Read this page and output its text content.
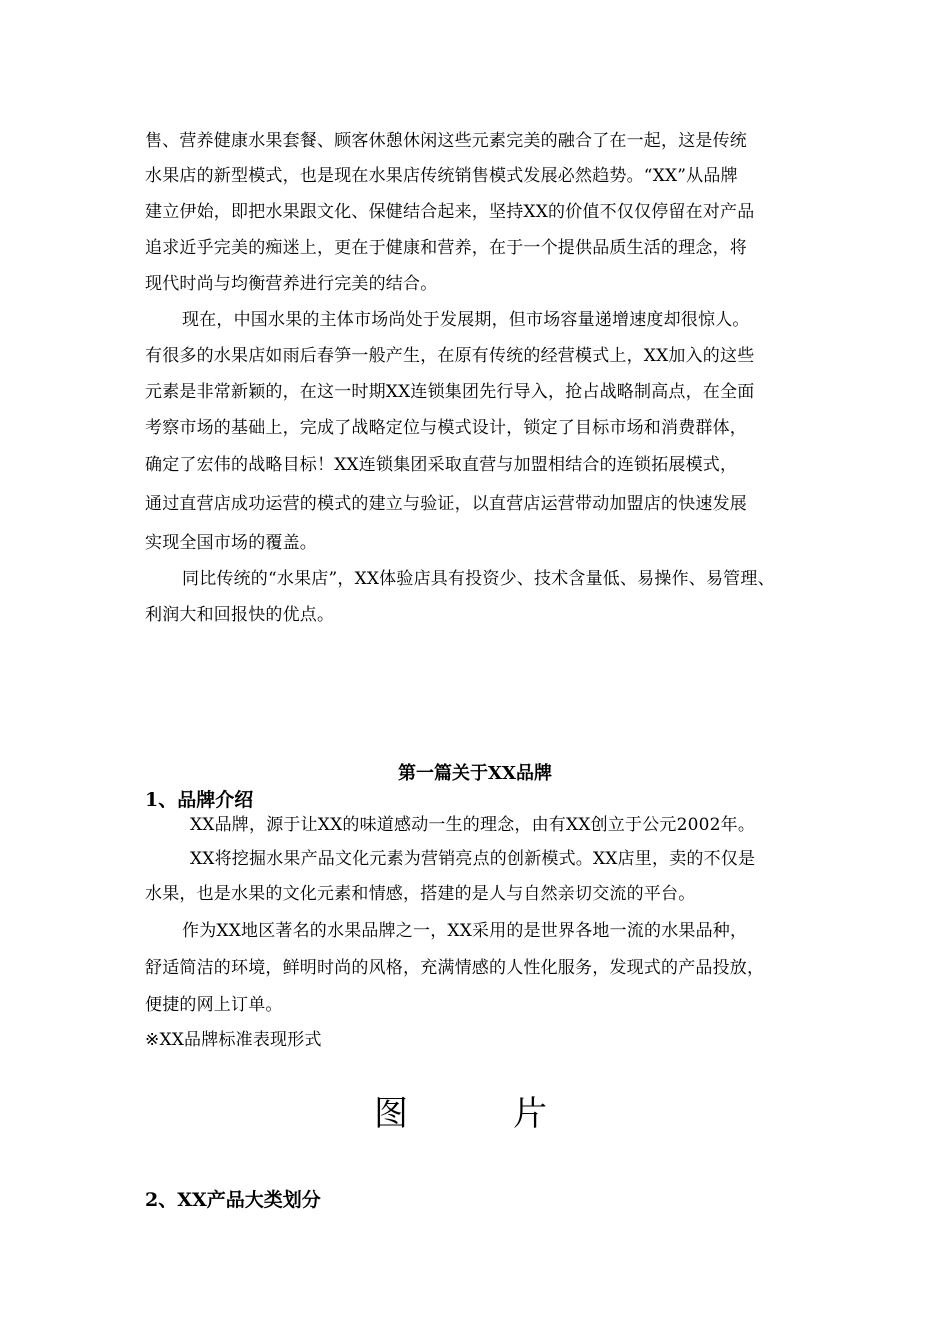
售、营养健康水果套餐、顾客休憩休闲这些元素完美的融合了在一起，这是传统
水果店的新型模式，也是现在水果店传统销售模式发展必然趋势。“XX”从品牌
建立伊始，即把水果跟文化、保健结合起来，坚持XX的价值不仅仅停留在对产品
追求近乎完美的痴迷上，更在于健康和营养，在于一个提供品质生活的理念，将
现代时尚与均衡营养进行完美的结合。
现在，中国水果的主体市场尚处于发展期，但市场容量递增速度却很惊人。
有很多的水果店如雨后春笋一般产生，在原有传统的经营模式上，XX加入的这些
元素是非常新颖的，在这一时期XX连锁集团先行导入，抢占战略制高点，在全面
考察市场的基础上，完成了战略定位与模式设计，锁定了目标市场和消费群体，
确定了宏伟的战略目标！XX连锁集团采取直营与加盟相结合的连锁拓展模式，
通过直营店成功运营的模式的建立与验证，以直营店运营带动加盟店的快速发展
实现全国市场的覆盖。
同比传统的“水果店”，XX体验店具有投资少、技术含量低、易操作、易管理、
利润大和回报快的优点。
第一篇关于XX品牌
1、品牌介绍
XX品牌，源于让XX的味道感动一生的理念，由有XX创立于公元2002年。
XX将挖掘水果产品文化元素为营销亮点的创新模式。XX店里，卖的不仅是
水果，也是水果的文化元素和情感，搭建的是人与自然亲切交流的平台。
作为XX地区著名的水果品牌之一，XX采用的是世界各地一流的水果品种，
舒适简洁的环境，鲜明时尚的风格，充满情感的人性化服务，发现式的产品投放，
便捷的网上订单。
※XX品牌标准表现形式
图	片
2、XX产品大类划分
